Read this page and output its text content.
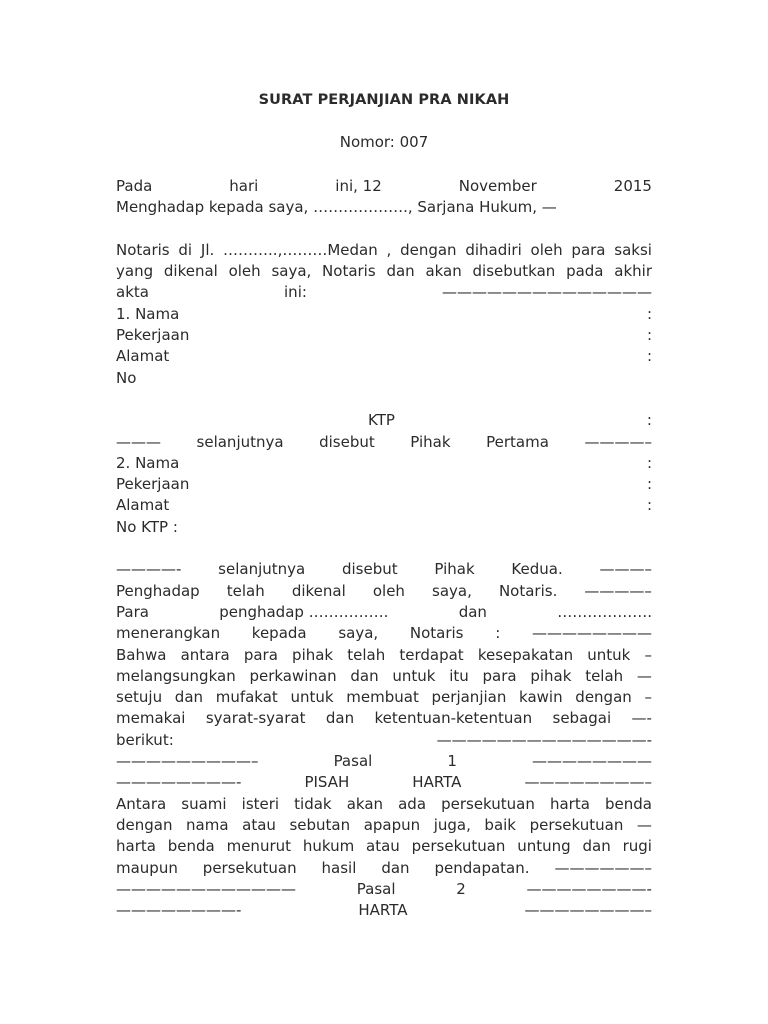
SURAT PERJANJIAN PRA NIKAH
Nomor: 007
Pada	hari	ini, 12	November	2015
Menghadap kepada saya, ………………., Sarjana Hukum, —
Notaris di Jl. ………..,………Medan , dengan dihadiri oleh para saksi
yang dikenal oleh saya, Notaris dan akan disebutkan pada akhir
akta	ini:	——————————————
1. Nama	:
Pekerjaan	:
Alamat	:
No
KTP	:
——— selanjutnya disebut Pihak Pertama ————–
2. Nama	:
Pekerjaan	:
Alamat	:
No KTP :
————- selanjutnya disebut Pihak Kedua. ———–
Penghadap telah dikenal oleh saya, Notaris. ————–
Para	penghadap …………….	dan	……………….
menerangkan kepada saya, Notaris : ————————
Bahwa antara para pihak telah terdapat kesepakatan untuk –
melangsungkan perkawinan dan untuk itu para pihak telah —
setuju dan mufakat untuk membuat perjanjian kawin dengan –
memakai syarat-syarat dan ketentuan-ketentuan sebagai —-
berikut:	——————————————-
—————————–	Pasal	1	————————
————————-	PISAH	HARTA	————————–
Antara suami isteri tidak akan ada persekutuan harta benda
dengan nama atau sebutan apapun juga, baik persekutuan —
harta benda menurut hukum atau persekutuan untung dan rugi
maupun persekutuan hasil dan pendapatan. ——————–
————————————	Pasal	2	————————-
————————-	HARTA	————————–
